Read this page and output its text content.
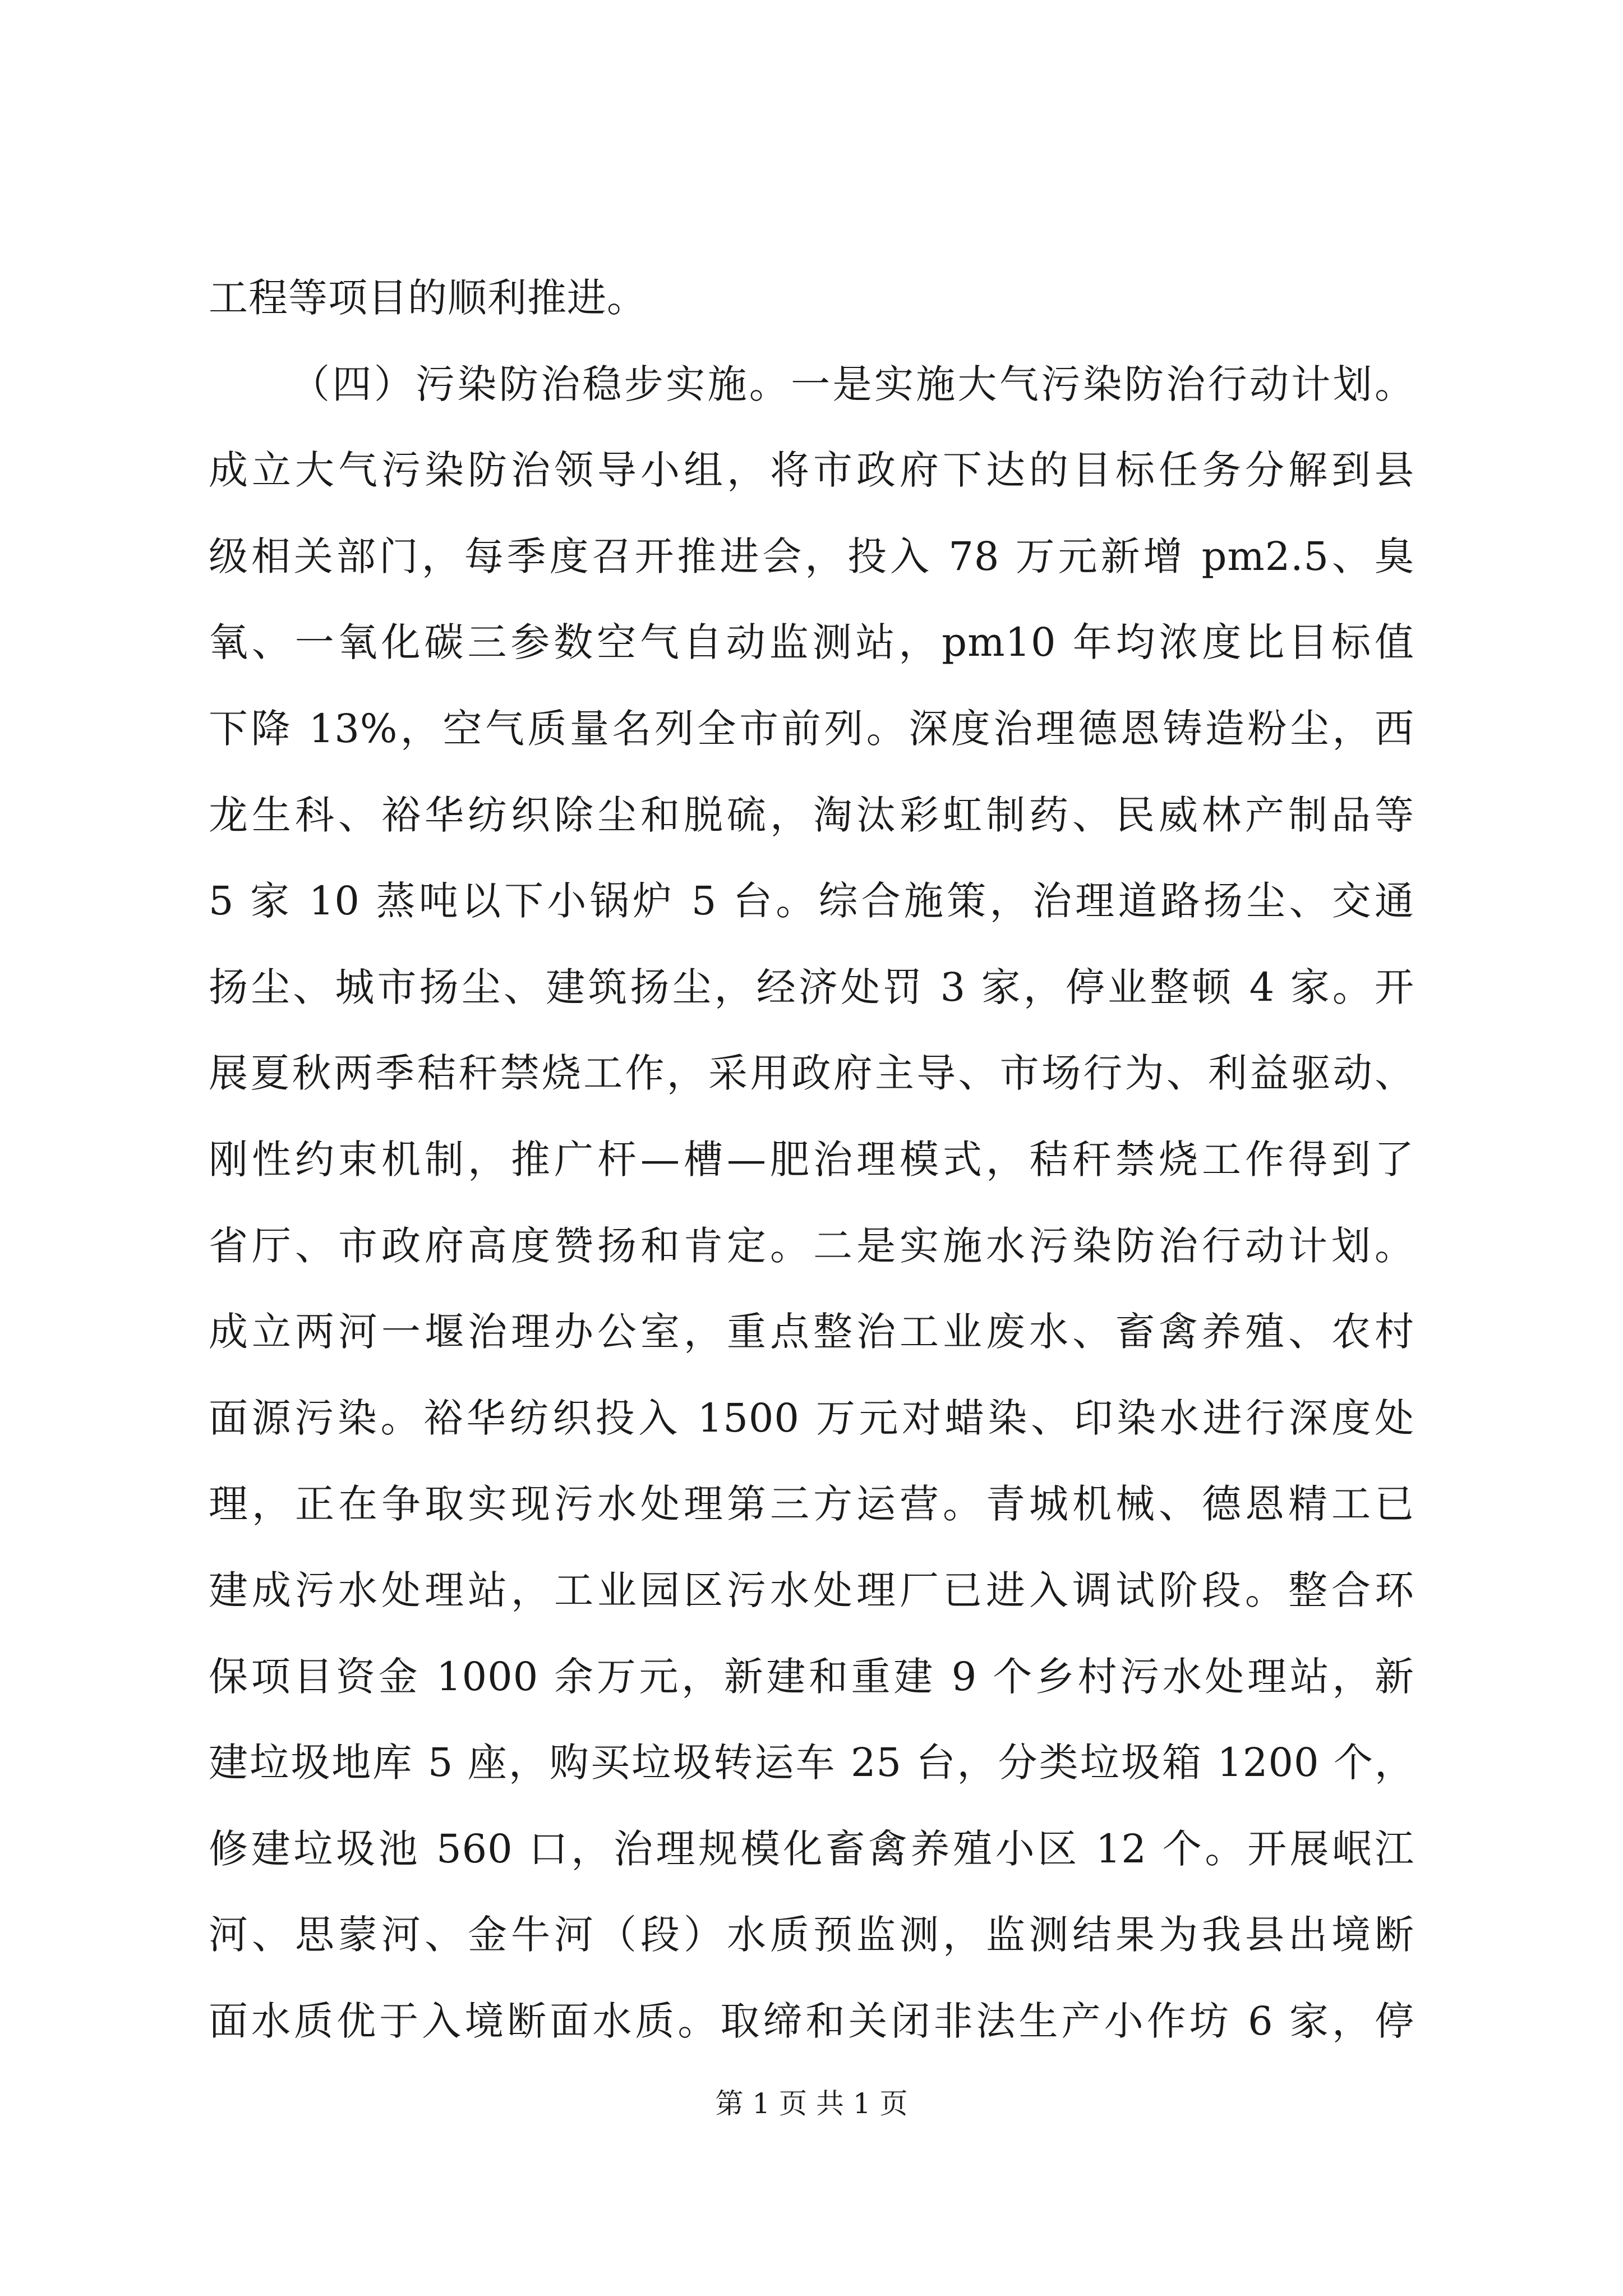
工程等项目的顺利推进。
（四）污染防治稳步实施。一是实施大气污染防治行动计划。
成立大气污染防治领导小组，将市政府下达的目标任务分解到县
级相关部门，每季度召开推进会，投入 78 万元新增 pm2.5、臭
氧、一氧化碳三参数空气自动监测站，pm10 年均浓度比目标值
下降 13%，空气质量名列全市前列。深度治理德恩铸造粉尘，西
龙生科、裕华纺织除尘和脱硫，淘汰彩虹制药、民威林产制品等
5 家 10 蒸吨以下小锅炉 5 台。综合施策，治理道路扬尘、交通
扬尘、城市扬尘、建筑扬尘，经济处罚 3 家，停业整顿 4 家。开
展夏秋两季秸秆禁烧工作，采用政府主导、市场行为、利益驱动、
刚性约束机制，推广杆—槽—肥治理模式，秸秆禁烧工作得到了
省厅、市政府高度赞扬和肯定。二是实施水污染防治行动计划。
成立两河一堰治理办公室，重点整治工业废水、畜禽养殖、农村
面源污染。裕华纺织投入 1500 万元对蜡染、印染水进行深度处
理，正在争取实现污水处理第三方运营。青城机械、德恩精工已
建成污水处理站，工业园区污水处理厂已进入调试阶段。整合环
保项目资金 1000 余万元，新建和重建 9 个乡村污水处理站，新
建垃圾地库 5 座，购买垃圾转运车 25 台，分类垃圾箱 1200 个，
修建垃圾池 560 口，治理规模化畜禽养殖小区 12 个。开展岷江
河、思蒙河、金牛河（段）水质预监测，监测结果为我县出境断
面水质优于入境断面水质。取缔和关闭非法生产小作坊 6 家，停
第 1 页 共 1 页
